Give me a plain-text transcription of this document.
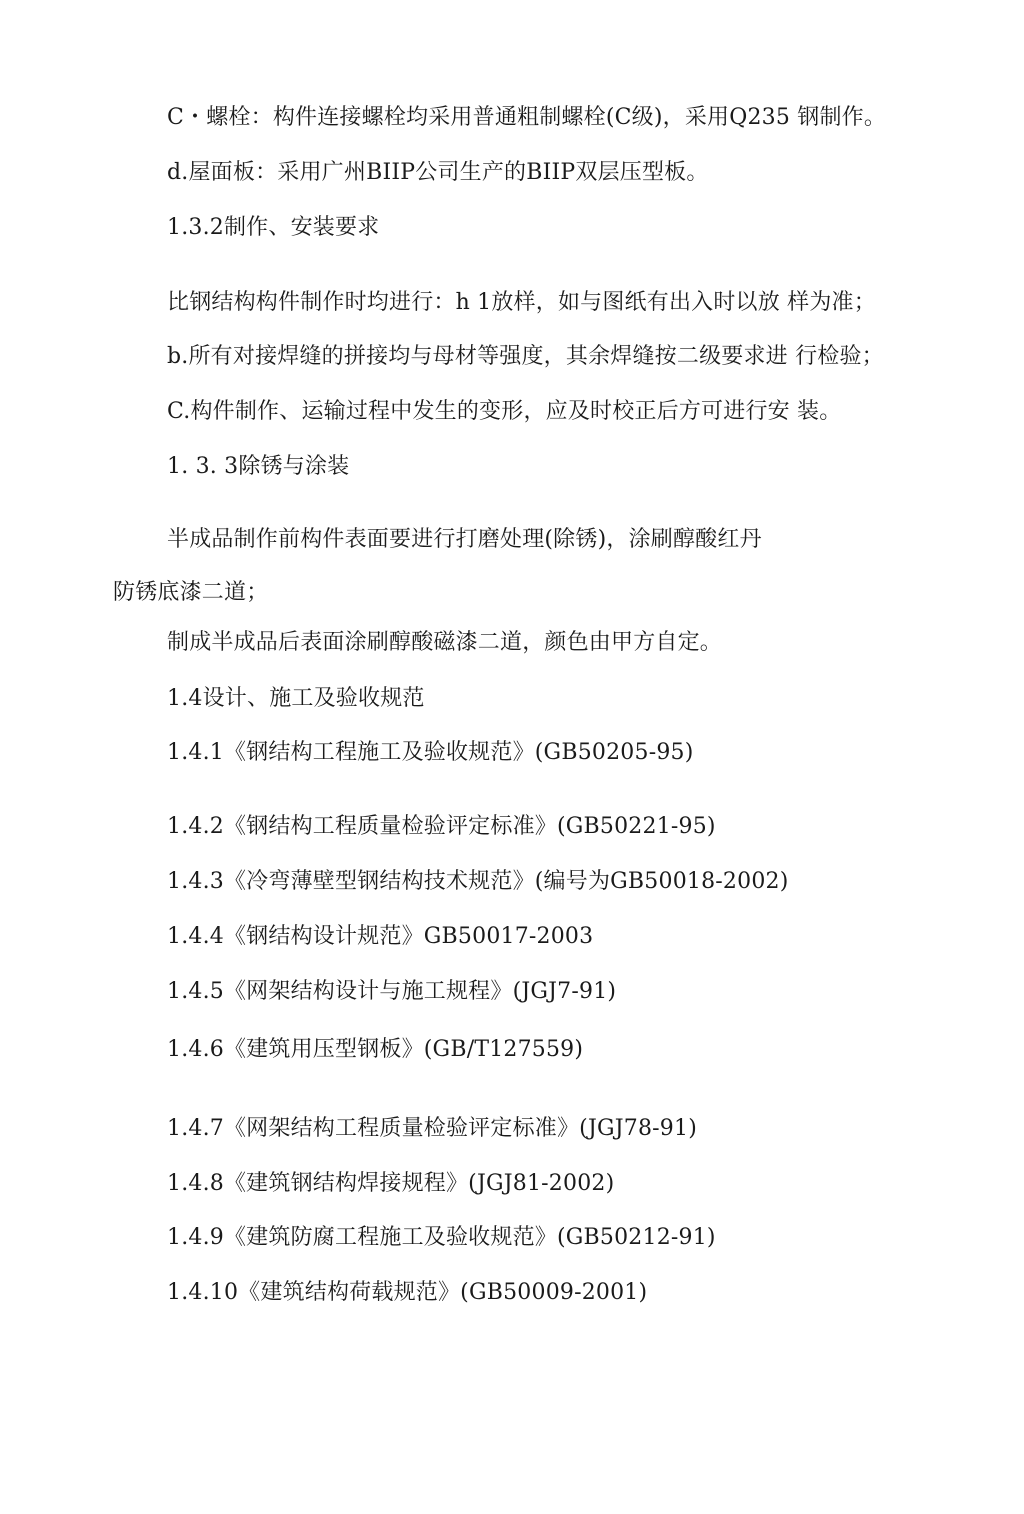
C・螺栓：构件连接螺栓均采用普通粗制螺栓(C级)，采用Q235 钢制作。
d.屋面板：采用广州BIIP公司生产的BIIP双层压型板。
1.3.2制作、安装要求
比钢结构构件制作时均进行：h 1放样，如与图纸有出入时以放 样为准；
b.所有对接焊缝的拼接均与母材等强度，其余焊缝按二级要求进 行检验；
C.构件制作、运输过程中发生的变形，应及时校正后方可进行安 装。
1. 3. 3除锈与涂装
半成品制作前构件表面要进行打磨处理(除锈)，涂刷醇酸红丹
防锈底漆二道；
制成半成品后表面涂刷醇酸磁漆二道，颜色由甲方自定。
1.4设计、施工及验收规范
1.4.1《钢结构工程施工及验收规范》(GB50205-95)
1.4.2《钢结构工程质量检验评定标准》(GB50221-95)
1.4.3《冷弯薄壁型钢结构技术规范》(编号为GB50018-2002)
1.4.4《钢结构设计规范》GB50017-2003
1.4.5《网架结构设计与施工规程》(JGJ7-91)
1.4.6《建筑用压型钢板》(GB/T127559)
1.4.7《网架结构工程质量检验评定标准》(JGJ78-91)
1.4.8《建筑钢结构焊接规程》(JGJ81-2002)
1.4.9《建筑防腐工程施工及验收规范》(GB50212-91)
1.4.10《建筑结构荷载规范》(GB50009-2001)
